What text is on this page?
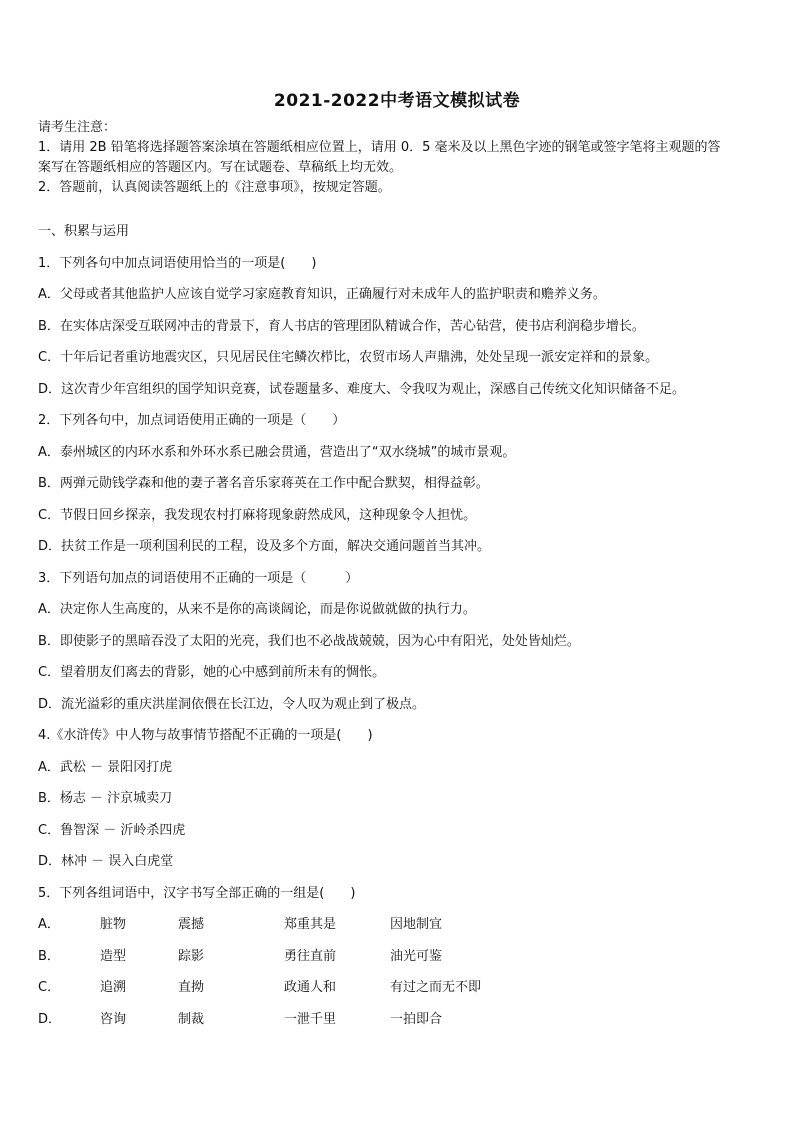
2021-2022中考语文模拟试卷

请考生注意：

1．请用 2B 铅笔将选择题答案涂填在答题纸相应位置上，请用 0．5 毫米及以上黑色字迹的钢笔或签字笔将主观题的答

案写在答题纸相应的答题区内。写在试题卷、草稿纸上均无效。

2．答题前，认真阅读答题纸上的《注意事项》，按规定答题。

一、积累与运用
1．下列各句中加点词语使用恰当的一项是(　　)
A．父母或者其他监护人应该自觉学习家庭教育知识，正确履行对未成年人的监护职责和赡养义务。
B．在实体店深受互联网冲击的背景下，育人书店的管理团队精诚合作，苦心钻营，使书店利润稳步增长。
C．十年后记者重访地震灾区，只见居民住宅鳞次栉比，农贸市场人声鼎沸，处处呈现一派安定祥和的景象。
D．这次青少年宫组织的国学知识竞赛，试卷题量多、难度大、令我叹为观止，深感自己传统文化知识储备不足。
2．下列各句中，加点词语使用正确的一项是（　　）
A．泰州城区的内环水系和外环水系已融会贯通，营造出了“双水绕城”的城市景观。
B．两弹元勋钱学森和他的妻子著名音乐家蒋英在工作中配合默契，相得益彰。
C．节假日回乡探亲，我发现农村打麻将现象蔚然成风，这种现象令人担忧。
D．扶贫工作是一项利国利民的工程，设及多个方面，解决交通问题首当其冲。
3．下列语句加点的词语使用不正确的一项是（　　　）
A．决定你人生高度的，从来不是你的高谈阔论，而是你说做就做的执行力。
B．即使影子的黑暗吞没了太阳的光亮，我们也不必战战兢兢，因为心中有阳光，处处皆灿烂。
C．望着朋友们离去的背影，她的心中感到前所未有的惆怅。
D．流光溢彩的重庆洪崖洞依偎在长江边，令人叹为观止到了极点。
4.《水浒传》中人物与故事情节搭配不正确的一项是(　　)
A．武松 － 景阳冈打虎
B．杨志 － 汴京城卖刀
C．鲁智深 － 沂岭杀四虎
D．林冲 － 误入白虎堂
5．下列各组词语中，汉字书写全部正确的一组是(　　)
A．	脏物	震撼	郑重其是	因地制宜
B．	造型	踪影	勇往直前	油光可鉴
C．	追溯	直拗	政通人和	有过之而无不即
D．	咨询	制裁	一泄千里	一拍即合
